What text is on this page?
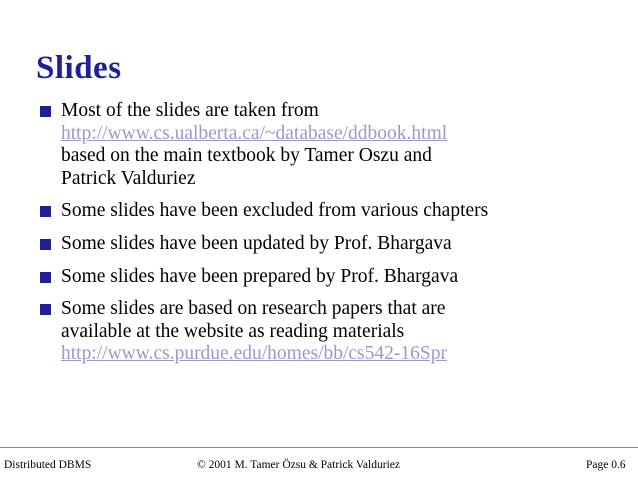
Slides
Most of the slides are taken from
http://www.cs.ualberta.ca/~database/ddbook.html
based on the main textbook by Tamer Oszu and
Patrick Valduriez
Some slides have been excluded from various chapters
Some slides have been updated by Prof. Bhargava
Some slides have been prepared by Prof. Bhargava
Some slides are based on research papers that are
available at the website as reading materials
http://www.cs.purdue.edu/homes/bb/cs542-16Spr
Distributed DBMS	© 2001 M. Tamer Özsu & Patrick Valduriez	Page 0.6
